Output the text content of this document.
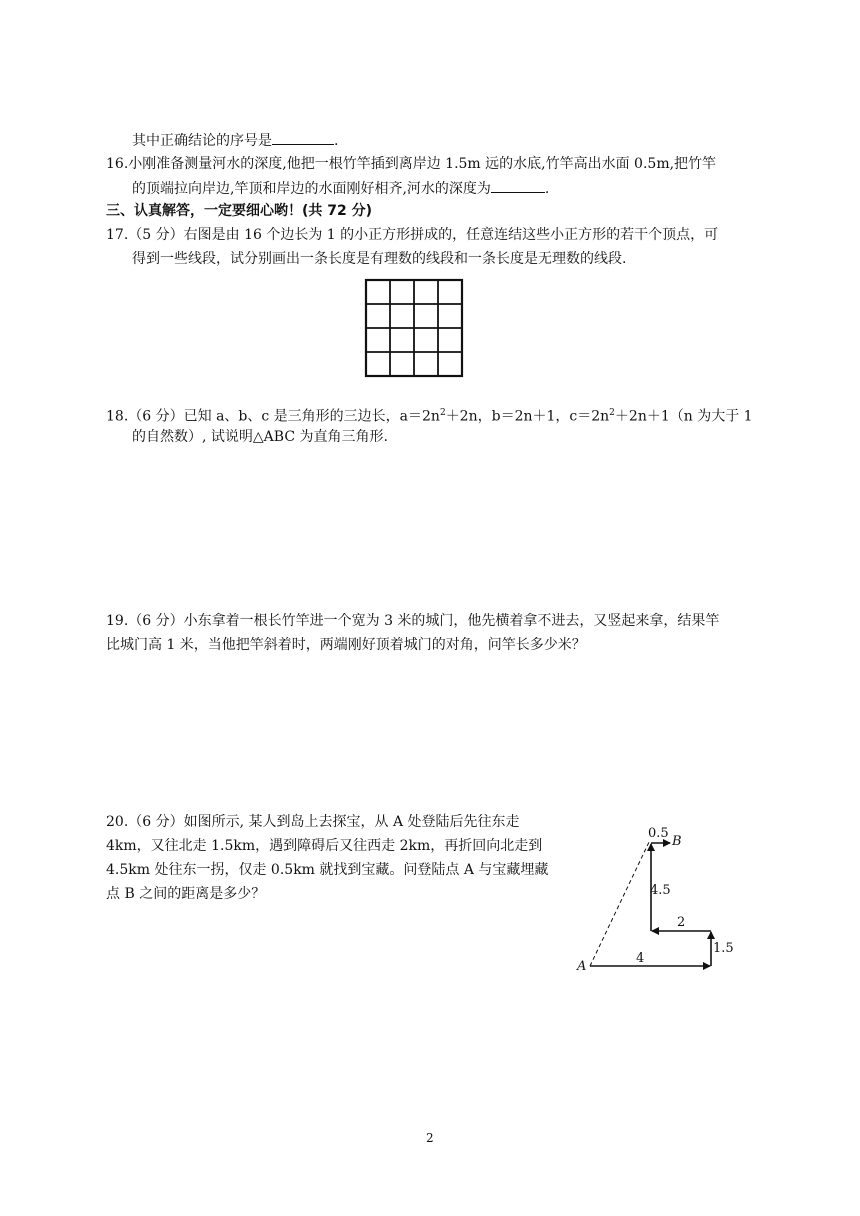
其中正确结论的序号是	.
16.小刚准备测量河水的深度,他把一根竹竿插到离岸边 1.5m 远的水底,竹竿高出水面 0.5m,把竹竿
的顶端拉向岸边,竿顶和岸边的水面刚好相齐,河水的深度为	.
三、认真解答，一定要细心哟！(共 72 分)
17.（5 分）右图是由 16 个边长为 1 的小正方形拼成的，任意连结这些小正方形的若干个顶点，可
得到一些线段，试分别画出一条长度是有理数的线段和一条长度是无理数的线段.
18.（6 分）已知 a、b、c 是三角形的三边长，$a=2n^2+2n$，b＝2n＋1，$c=2n^2+2n+1(n$ 为大于 1
的自然数）, 试说明△ABC 为直角三角形.
19.（6 分）小东拿着一根长竹竿进一个宽为 3 米的城门，他先横着拿不进去，又竖起来拿，结果竿
比城门高 1 米，当他把竿斜着时，两端刚好顶着城门的对角，问竿长多少米？
20.（6 分）如图所示, 某人到岛上去探宝，从 A 处登陆后先往东走
4km，又往北走 1.5km，遇到障碍后又往西走 2km，再折回向北走到
4.5km 处往东一拐，仅走 0.5km 就找到宝藏。问登陆点 A 与宝藏埋藏
点 B 之间的距离是多少？
A
B
4
1.5
2
4.5
0.5
2
